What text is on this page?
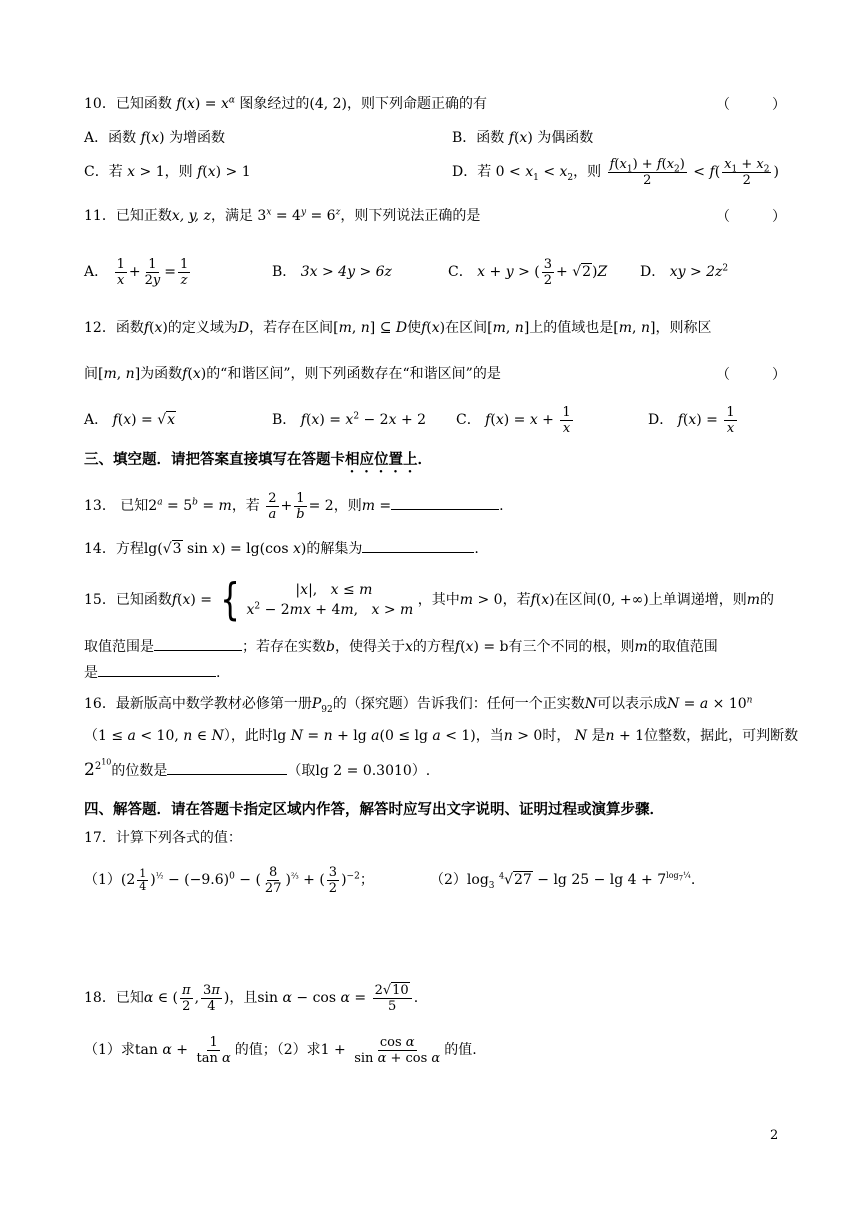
10．已知函数 $f(x) = x^\alpha$ 图象经过的(4, 2)，则下列命题正确的有	（　　　）
A．函数 f(x) 为增函数	B．函数 f(x) 为偶函数
C．若 x > 1，则 f(x) > 1	D．若 $0 < x_1 < x_2$，则 $\frac{f(x_1) + f(x_2)}{2} < f( \frac{x_1 + x_2}{2}$ )
11．已知正数x, y, z，满足 $3^x = 4^y = 6^z$，则下列说法正确的是	（　　　）
A． $\frac{1}{x} + \frac{1}{2y} = \frac{1}{z}$	B． 3x > 4y > 6z	C． x + y > ( $\frac{3}{2} + √2)Z$ D． xy > $2z^2$
12．函数f(x)的定义域为D，若存在区间[m, n] ⊆ D使f(x)在区间[m, n]上的值域也是[m, n]，则称区
间[m, n]为函数f(x)的“和谐区间”，则下列函数存在“和谐区间”的是	（　　　）
A． f(x) = √x	B． $f(x) = x^2 - 2x + 2$ C． $f(x) = x + \frac{1}{x}$	D． $f(x) = \frac{1}{x}$
三、填空题．请把答案直接填写在答题卡相应位置上．
13． 已知$2^a = 5^b = m$，若 $\frac{2}{a} + \frac{1}{b} = 2$，则m =	.
14．方程lg(√3 sin x) = lg(cos x)的解集为	.
15．已知函数f(x) = { |x|,   x ≤ m
$x^2 - 2mx + 4m$,   x > m
，其中m > 0，若f(x)在区间(0, +∞)上单调递增，则m的
取值范围是	；若存在实数b，使得关于x的方程f(x) = b有三个不同的根，则m的取值范围
是	.
16．最新版高中数学教材必修第一册$P_{92}$的（探究题）告诉我们：任何一个正实数N可以表示成$N = a \times 10^n$
（1 ≤ a < 10, n ∈ N），此时lg N = n + lg a(0 ≤ lg a < 1)，当n > 0时， N 是n + 1位整数，据此，可判断数
$2^{2^{10}}$的位数是	（取lg 2 = 0.3010）.
四、解答题．请在答题卡指定区域内作答，解答时应写出文字说明、证明过程或演算步骤．
17．计算下列各式的值：
$(1)(2 \frac{1}{4} )^{\frac{1}{2}} - (-9.6)^0$ − ( $\frac{8}{27} )^{\frac{2}{3}}$ + ( $\frac{3}{2} )^{-2}$；	$(2)\log_3$ $^4√27 - \lg 25 - \lg 4 + 7^{log_7\frac{1}{4}}$.
18．已知α ∈ ( $\frac{\pi}{2}$ , $\frac{3\pi}{4}$ )，且$\sin \alpha - \cos \alpha = \frac{2√10}{5}$ .
（1）求$\tan \alpha + \frac{1}{\text{tan α}}$ 的值；（2）求$1 + \frac{\text{cos α}}{\text{sin α + cos α}}$ 的值.
2
